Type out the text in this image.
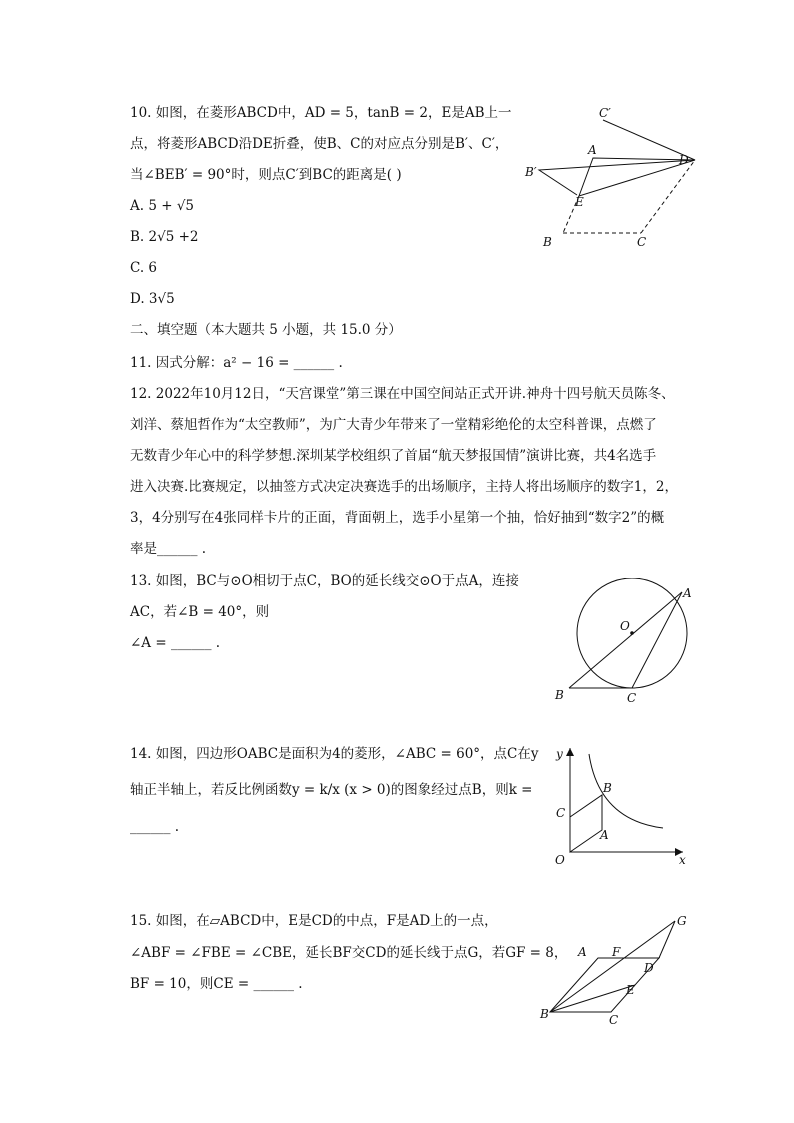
10. 如图，在菱形ABCD中，AD = 5，tanB = 2，E是AB上一
点，将菱形ABCD沿DE折叠，使B、C的对应点分别是B′、C′，
当∠BEB′ = 90°时，则点C′到BC的距离是( )
A. 5 + √5
B. 2√5 +2
C. 6
D. 3√5
C′
A
D
B′
E
B	C
二、填空题（本大题共 5 小题，共 15.0 分）
11. 因式分解：a² − 16 = ______ .
12. 2022年10月12日，“天宫课堂”第三课在中国空间站正式开讲.神舟十四号航天员陈冬、
刘洋、蔡旭哲作为“太空教师”，为广大青少年带来了一堂精彩绝伦的太空科普课，点燃了
无数青少年心中的科学梦想.深圳某学校组织了首届“航天梦报国情”演讲比赛，共4名选手
进入决赛.比赛规定，以抽签方式决定决赛选手的出场顺序，主持人将出场顺序的数字1，2，
3，4分别写在4张同样卡片的正面，背面朝上，选手小星第一个抽，恰好抽到“数字2”的概
率是______ .
13. 如图，BC与⊙O相切于点C，BO的延长线交⊙O于点A，连接
AC，若∠B = 40°，则
∠A = ______ .
A
O
B	C
14. 如图，四边形OABC是面积为4的菱形，∠ABC = 60°，点C在y
轴正半轴上，若反比例函数y = k/x (x > 0)的图象经过点B，则k =
______ .
y
B
C
A
O	x
15. 如图，在▱ABCD中，E是CD的中点，F是AD上的一点，
∠ABF = ∠FBE = ∠CBE，延长BF交CD的延长线于点G，若GF = 8，
BF = 10，则CE = ______ .
G
A F
D
E
B	C
